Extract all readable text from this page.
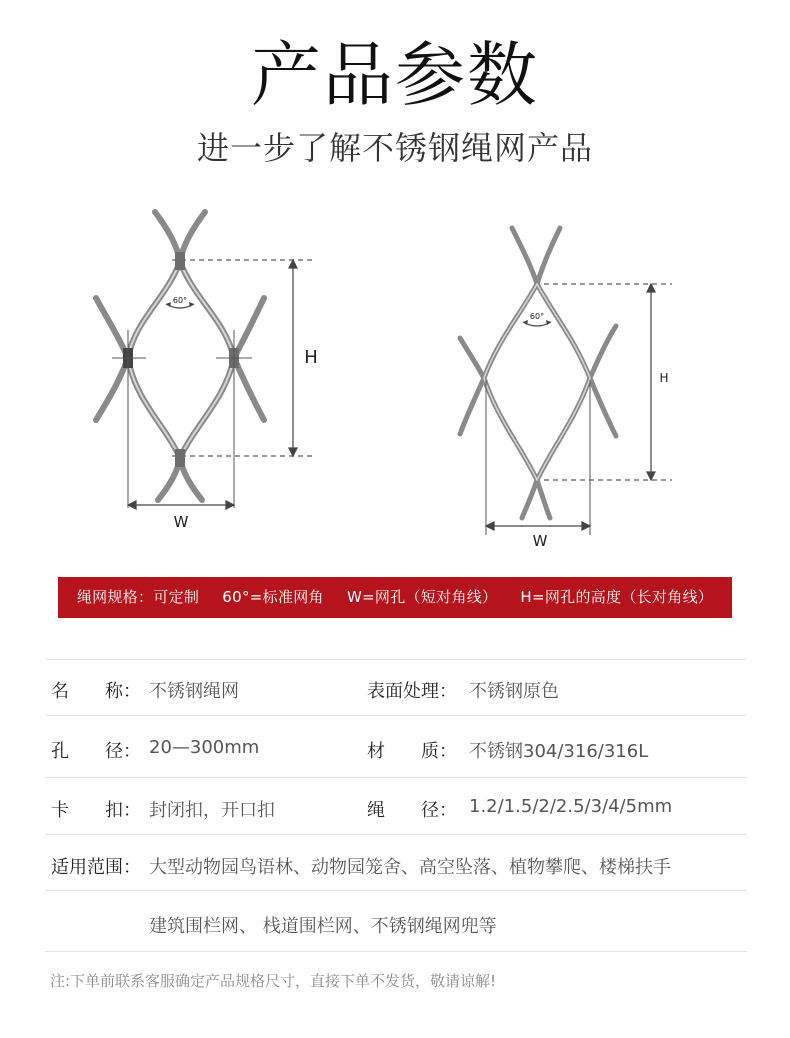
产品参数
进一步了解不锈钢绳网产品
60°
H
W
60°
H
W
绳网规格：可定制 60°=标准网角 W=网孔（短对角线） H=网孔的高度（长对角线）
名　　称： 不锈钢绳网	表面处理： 不锈钢原色
孔　　径： 20—300mm	材　　质： 不锈钢304/316/316L
卡　　扣： 封闭扣，开口扣	绳　　径： 1.2/1.5/2/2.5/3/4/5mm
适用范围： 大型动物园鸟语林、动物园笼舍、高空坠落、植物攀爬、楼梯扶手
建筑围栏网、 栈道围栏网、不锈钢绳网兜等
注:下单前联系客服确定产品规格尺寸，直接下单不发货，敬请谅解!
